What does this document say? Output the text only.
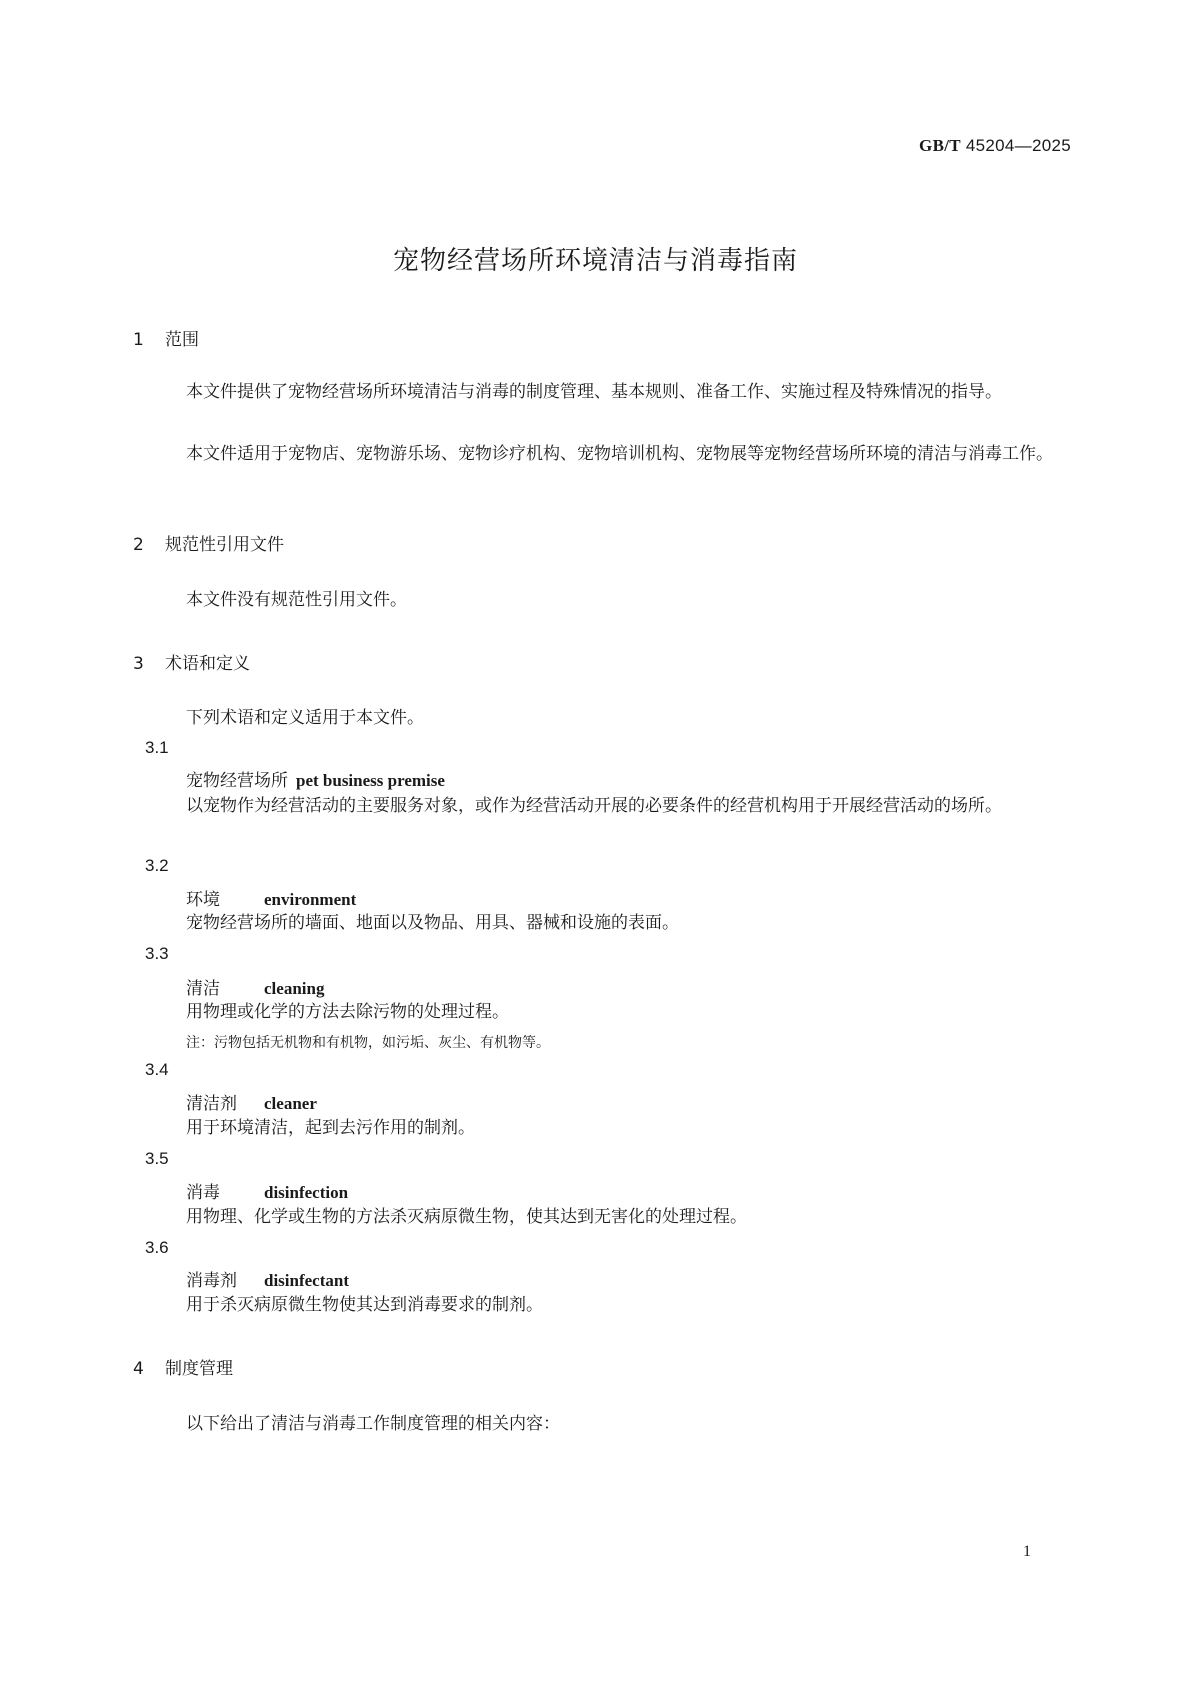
GB/T 45204—2025
宠物经营场所环境清洁与消毒指南
1 范围
本文件提供了宠物经营场所环境清洁与消毒的制度管理、基本规则、准备工作、实施过程及特殊情况的指导。
本文件适用于宠物店、宠物游乐场、宠物诊疗机构、宠物培训机构、宠物展等宠物经营场所环境的清洁与消毒工作。
2 规范性引用文件
本文件没有规范性引用文件。
3 术语和定义
下列术语和定义适用于本文件。
3.1
宠物经营场所 pet business premise
以宠物作为经营活动的主要服务对象，或作为经营活动开展的必要条件的经营机构用于开展经营活动的场所。
3.2
环境	environment
宠物经营场所的墙面、地面以及物品、用具、器械和设施的表面。
3.3
清洁	cleaning
用物理或化学的方法去除污物的处理过程。
注：污物包括无机物和有机物，如污垢、灰尘、有机物等。
3.4
清洁剂 cleaner
用于环境清洁，起到去污作用的制剂。
3.5
消毒	disinfection
用物理、化学或生物的方法杀灭病原微生物，使其达到无害化的处理过程。
3.6
消毒剂 disinfectant
用于杀灭病原微生物使其达到消毒要求的制剂。
4 制度管理
以下给出了清洁与消毒工作制度管理的相关内容：
1
